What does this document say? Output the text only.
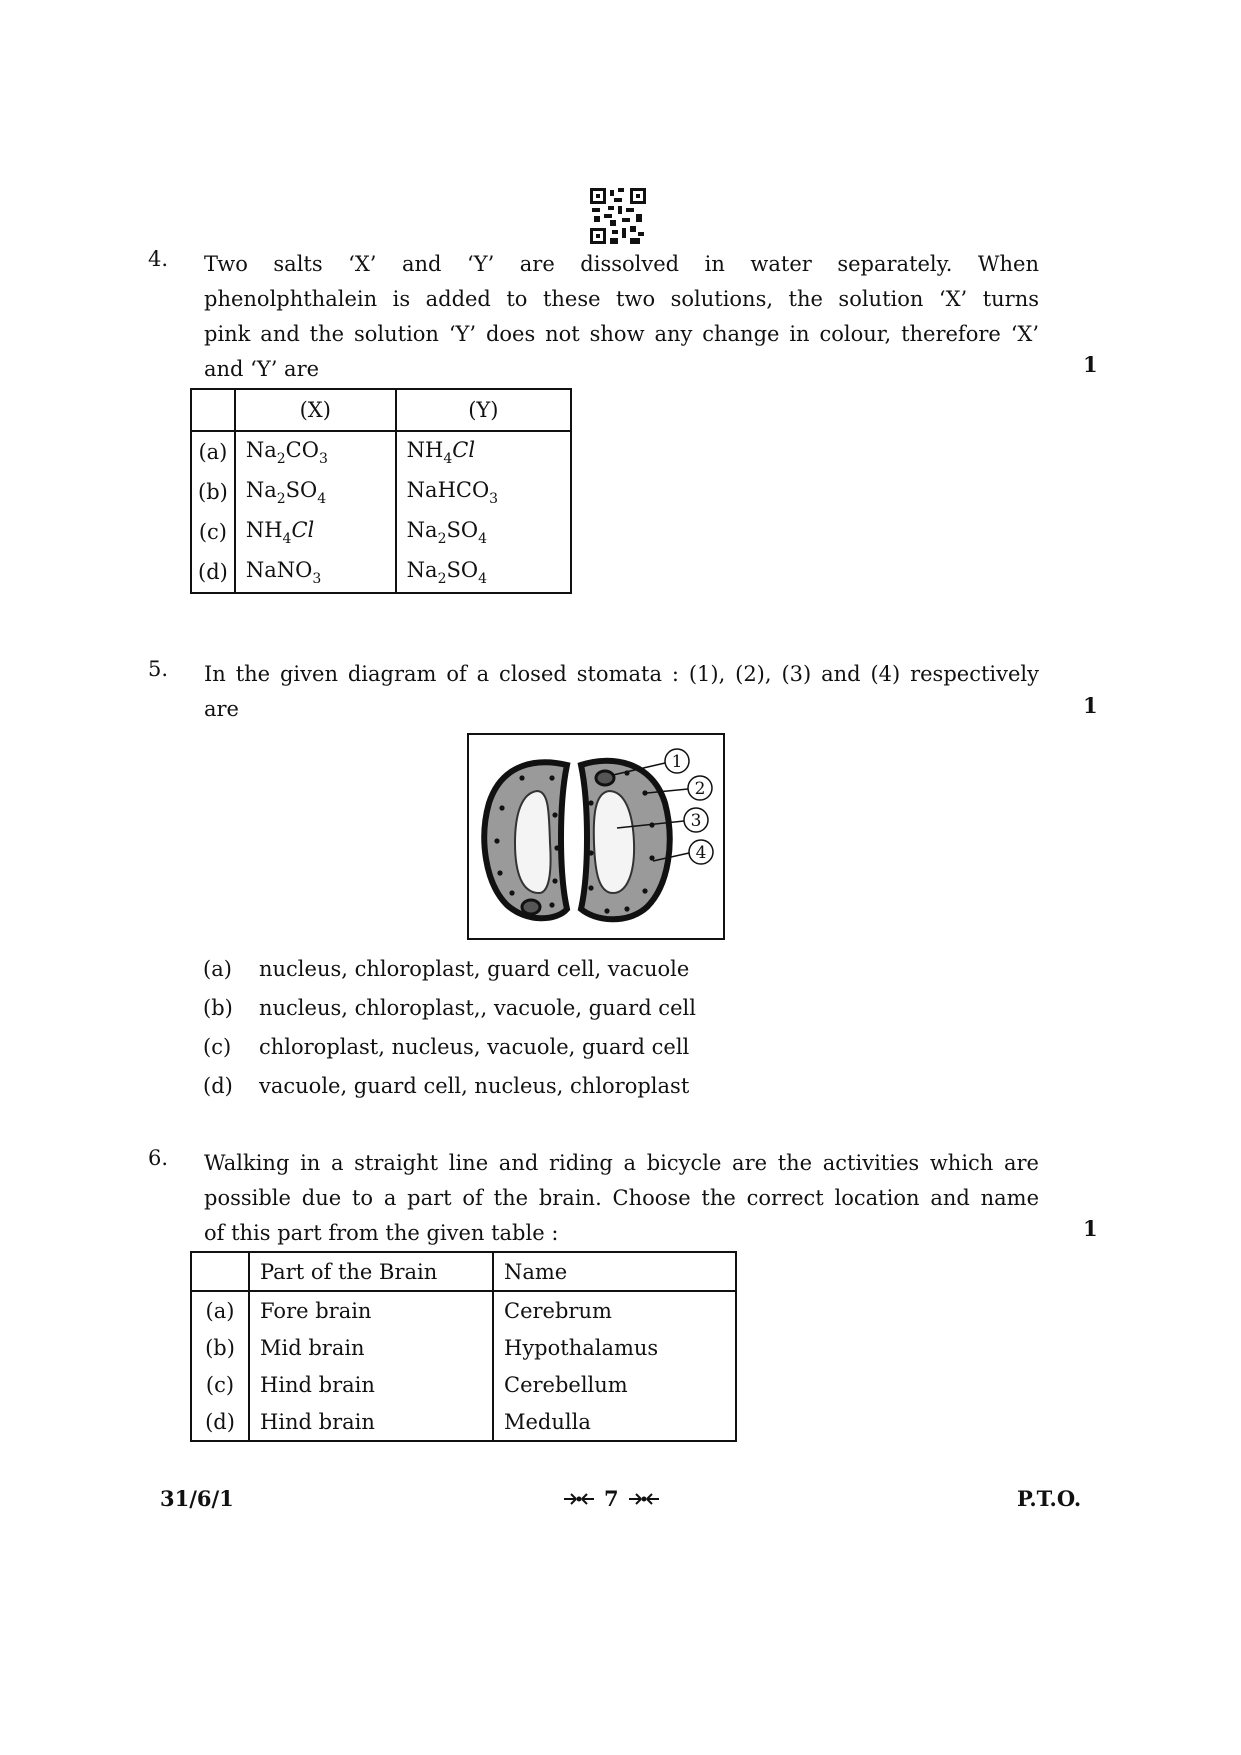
4. Two salts ‘X’ and ‘Y’ are dissolved in water separately. When
phenolphthalein is added to these two solutions, the solution ‘X’ turns
pink and the solution ‘Y’ does not show any change in colour, therefore ‘X’
and ‘Y’ are	1
	(X)	(Y)
(a)	$Na_2CO_3$	$NH_4Cl$
(b)	$Na_2SO_4$	NaHCO$_3$
(c)	$NH_4Cl$	$Na_2SO_4$
(d)	NaNO$_3$	$Na_2SO_4$
5. In the given diagram of a closed stomata : (1), (2), (3) and (4) respectively
are	1
1
2
3
4
(a) nucleus, chloroplast, guard cell, vacuole
(b) nucleus, chloroplast,, vacuole, guard cell
(c) chloroplast, nucleus, vacuole, guard cell
(d) vacuole, guard cell, nucleus, chloroplast
6. Walking in a straight line and riding a bicycle are the activities which are
possible due to a part of the brain. Choose the correct location and name
of this part from the given table :	1
	Part of the Brain	Name
(a)	Fore brain	Cerebrum
(b)	Mid brain	Hypothalamus
(c)	Hind brain	Cerebellum
(d)	Hind brain	Medulla
31/6/1	7	P.T.O.
